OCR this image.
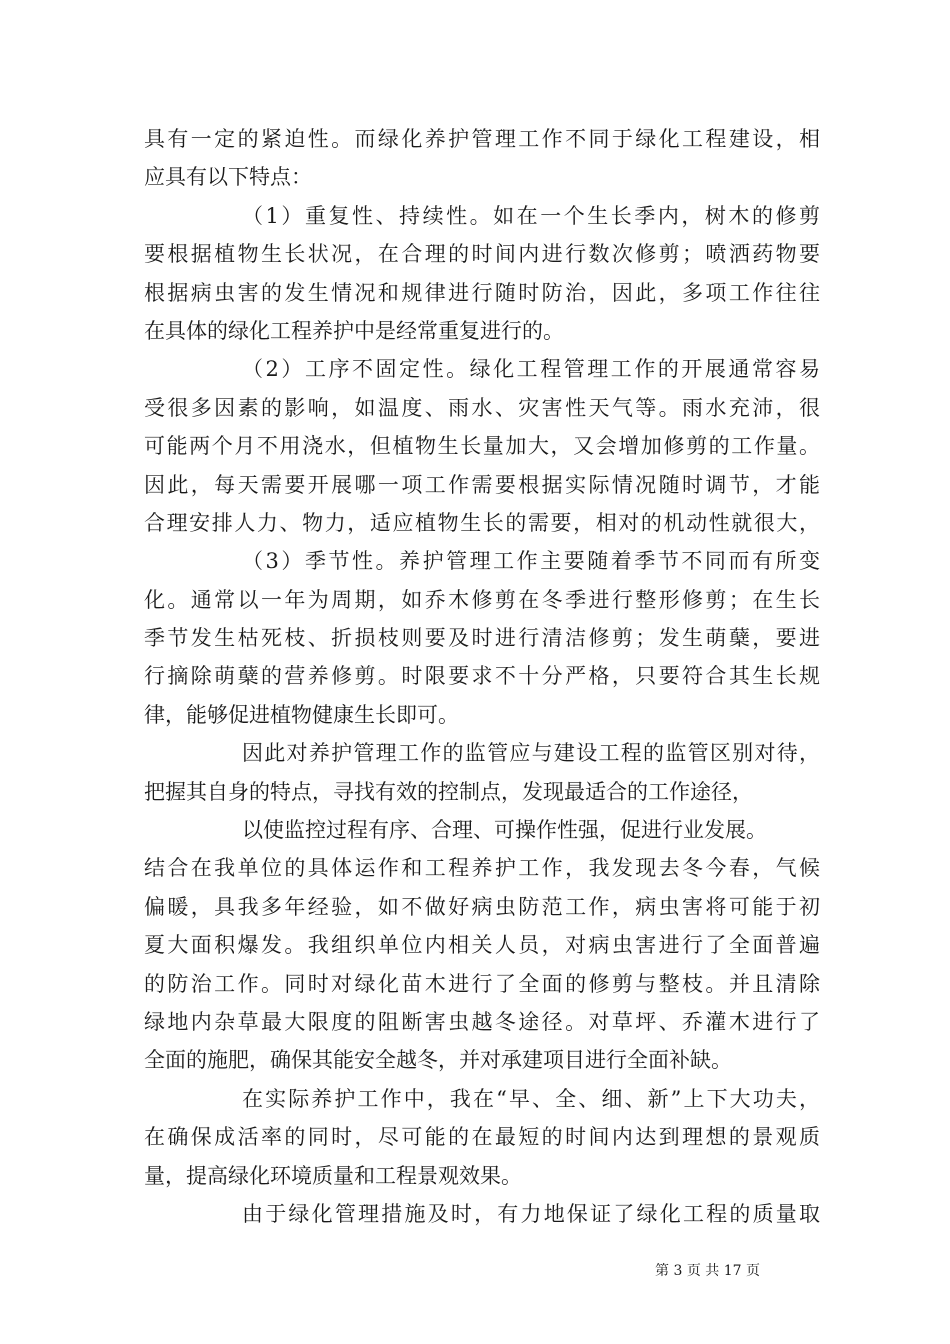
具有一定的紧迫性。而绿化养护管理工作不同于绿化工程建设，相
应具有以下特点：
（1）重复性、持续性。如在一个生长季内，树木的修剪
要根据植物生长状况，在合理的时间内进行数次修剪；喷洒药物要
根据病虫害的发生情况和规律进行随时防治，因此，多项工作往往
在具体的绿化工程养护中是经常重复进行的。
（2）工序不固定性。绿化工程管理工作的开展通常容易
受很多因素的影响，如温度、雨水、灾害性天气等。雨水充沛，很
可能两个月不用浇水，但植物生长量加大，又会增加修剪的工作量。
因此，每天需要开展哪一项工作需要根据实际情况随时调节，才能
合理安排人力、物力，适应植物生长的需要，相对的机动性就很大，
（3）季节性。养护管理工作主要随着季节不同而有所变
化。通常以一年为周期，如乔木修剪在冬季进行整形修剪；在生长
季节发生枯死枝、折损枝则要及时进行清洁修剪；发生萌蘖，要进
行摘除萌蘖的营养修剪。时限要求不十分严格，只要符合其生长规
律，能够促进植物健康生长即可。
因此对养护管理工作的监管应与建设工程的监管区别对待，
把握其自身的特点，寻找有效的控制点，发现最适合的工作途径，
以使监控过程有序、合理、可操作性强，促进行业发展。
结合在我单位的具体运作和工程养护工作，我发现去冬今春，气候
偏暖，具我多年经验，如不做好病虫防范工作，病虫害将可能于初
夏大面积爆发。我组织单位内相关人员，对病虫害进行了全面普遍
的防治工作。同时对绿化苗木进行了全面的修剪与整枝。并且清除
绿地内杂草最大限度的阻断害虫越冬途径。对草坪、乔灌木进行了
全面的施肥，确保其能安全越冬，并对承建项目进行全面补缺。
在实际养护工作中，我在“早、全、细、新”上下大功夫，
在确保成活率的同时，尽可能的在最短的时间内达到理想的景观质
量，提高绿化环境质量和工程景观效果。
由于绿化管理措施及时，有力地保证了绿化工程的质量取
第 3 页 共 17 页
